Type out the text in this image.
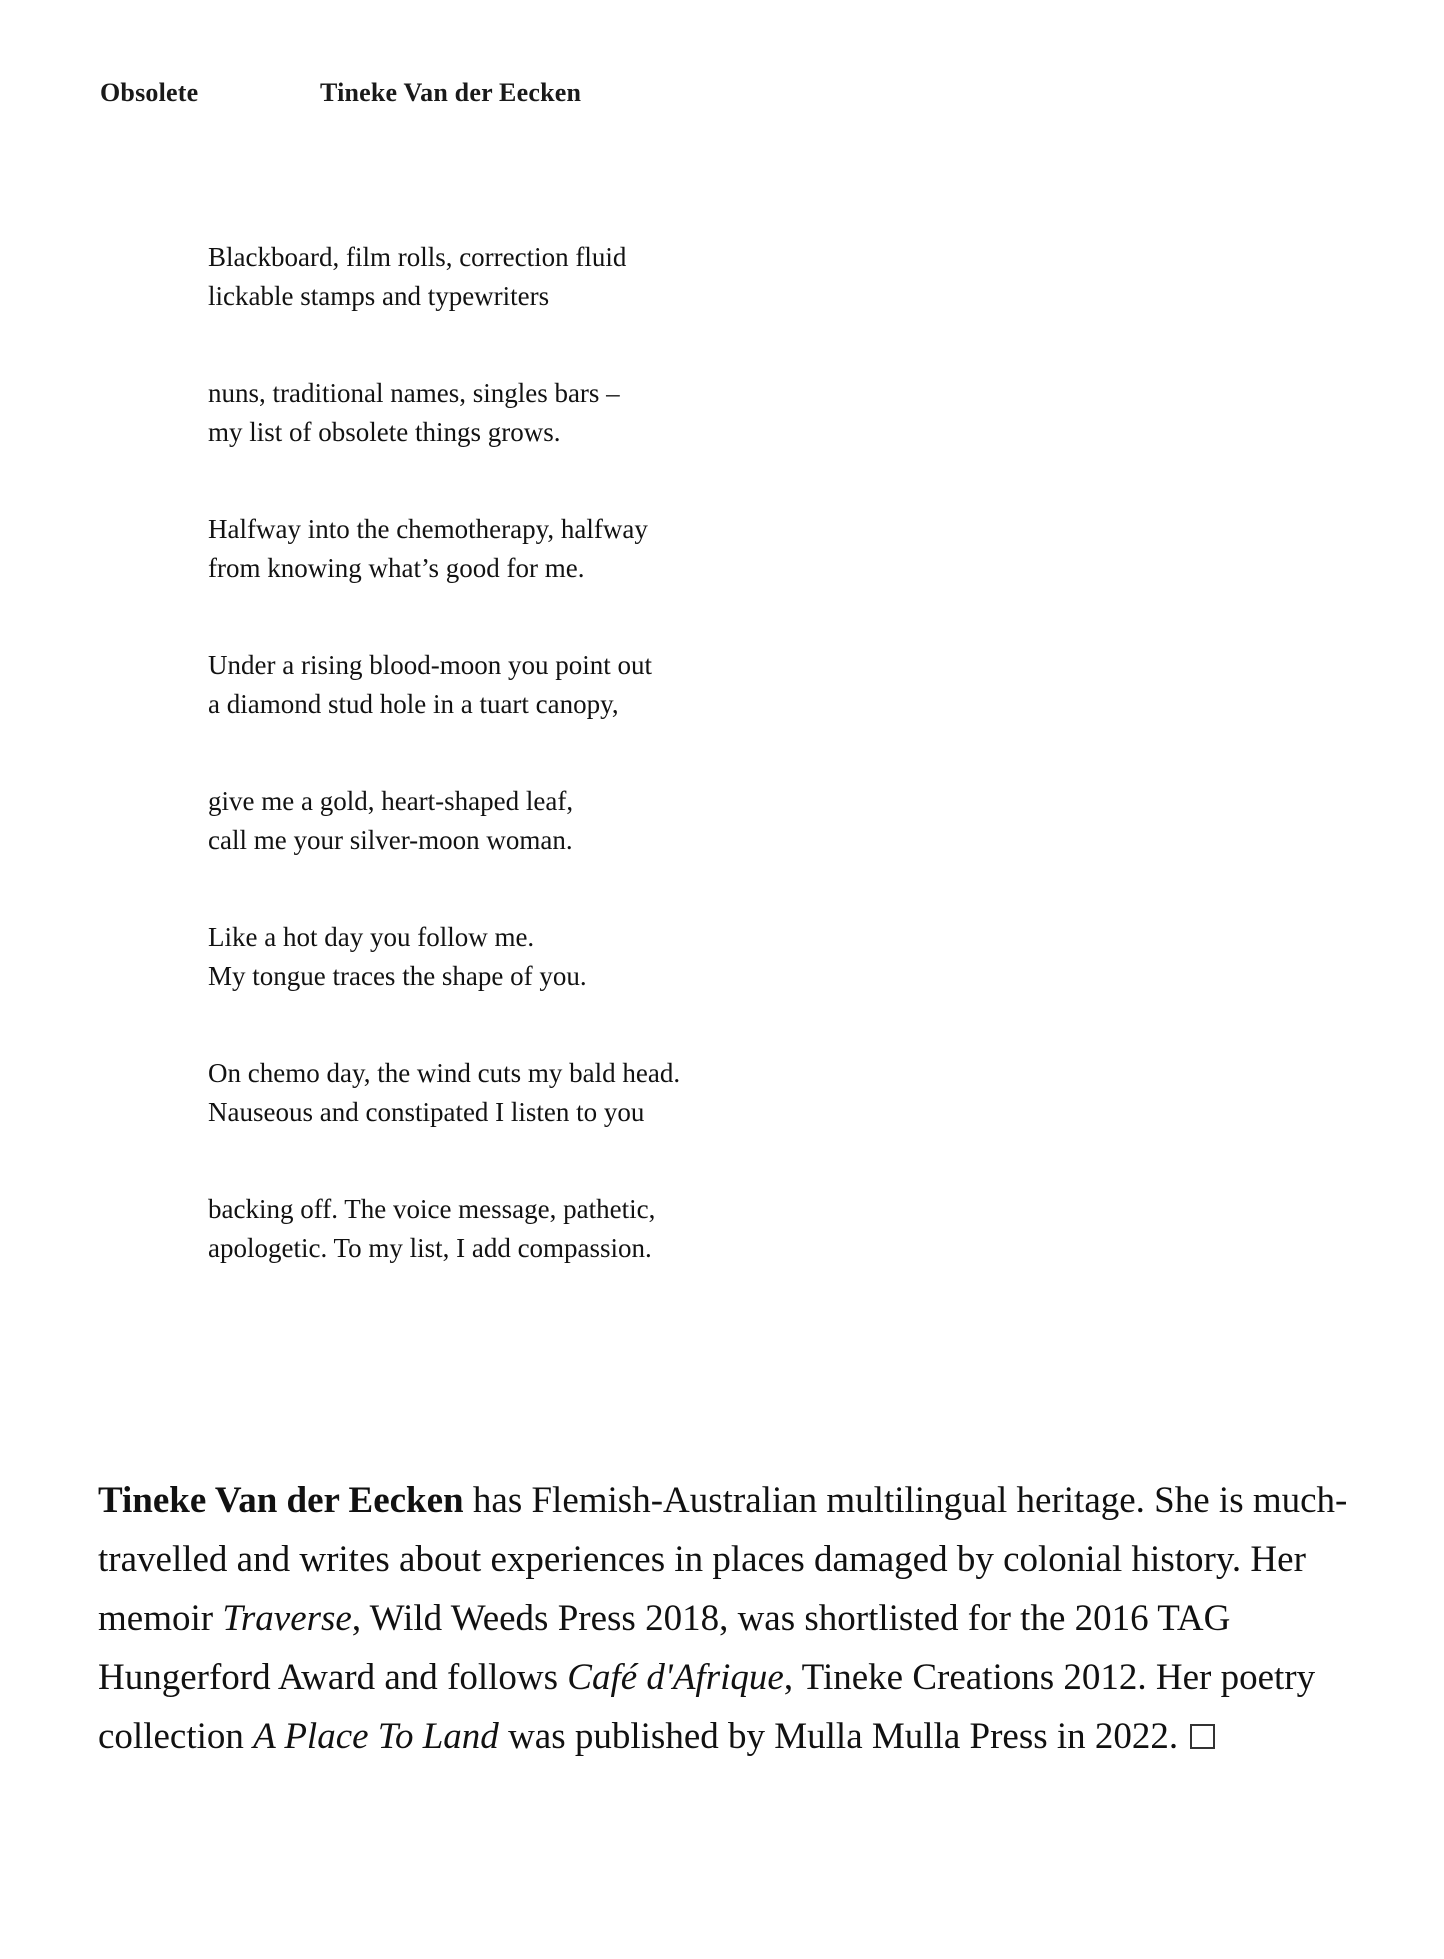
Obsolete	Tineke Van der Eecken
Blackboard, film rolls, correction fluid
lickable stamps and typewriters
nuns, traditional names, singles bars –
my list of obsolete things grows.
Halfway into the chemotherapy, halfway
from knowing what’s good for me.
Under a rising blood-moon you point out
a diamond stud hole in a tuart canopy,
give me a gold, heart-shaped leaf,
call me your silver-moon woman.
Like a hot day you follow me.
My tongue traces the shape of you.
On chemo day, the wind cuts my bald head.
Nauseous and constipated I listen to you
backing off. The voice message, pathetic,
apologetic. To my list, I add compassion.

Tineke Van der Eecken has Flemish-Australian multilingual heritage. She is much-travelled and writes about experiences in places damaged by colonial history. Her memoir Traverse, Wild Weeds Press 2018, was shortlisted for the 2016 TAG Hungerford Award and follows Café d'Afrique, Tineke Creations 2012. Her poetry collection A Place To Land was published by Mulla Mulla Press in 2022.
